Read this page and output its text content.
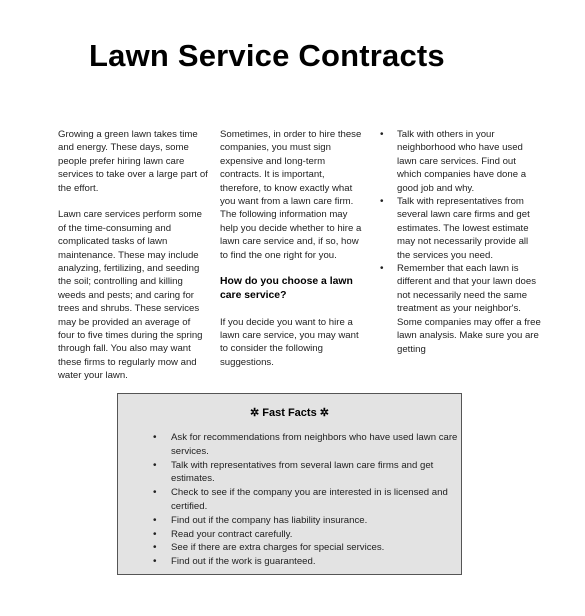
Lawn Service Contracts

Growing a green lawn takes time and energy. These days, some people prefer hiring lawn care services to take over a large part of the effort.

Lawn care services perform some of the time-consuming and complicated tasks of lawn maintenance. These may include analyzing, fertilizing, and seeding the soil; controlling and killing weeds and pests; and caring for trees and shrubs. These services may be provided an average of four to five times during the spring through fall. You also may want these firms to regularly mow and water your lawn.

Sometimes, in order to hire these companies, you must sign expensive and long-term contracts. It is important, therefore, to know exactly what you want from a lawn care firm. The following information may help you decide whether to hire a lawn care service and, if so, how to find the one right for you.

How do you choose a lawn care service?

If you decide you want to hire a lawn care service, you may want to consider the following suggestions.

• Talk with others in your neighborhood who have used lawn care services. Find out which companies have done a good job and why.
• Talk with representatives from several lawn care firms and get estimates. The lowest estimate may not necessarily provide all the services you need.
• Remember that each lawn is different and that your lawn does not necessarily need the same treatment as your neighbor's. Some companies may offer a free lawn analysis. Make sure you are getting
✲ Fast Facts ✲
• Ask for recommendations from neighbors who have used lawn care services.
• Talk with representatives from several lawn care firms and get estimates.
• Check to see if the company you are interested in is licensed and certified.
• Find out if the company has liability insurance.
• Read your contract carefully.
• See if there are extra charges for special services.
• Find out if the work is guaranteed.
